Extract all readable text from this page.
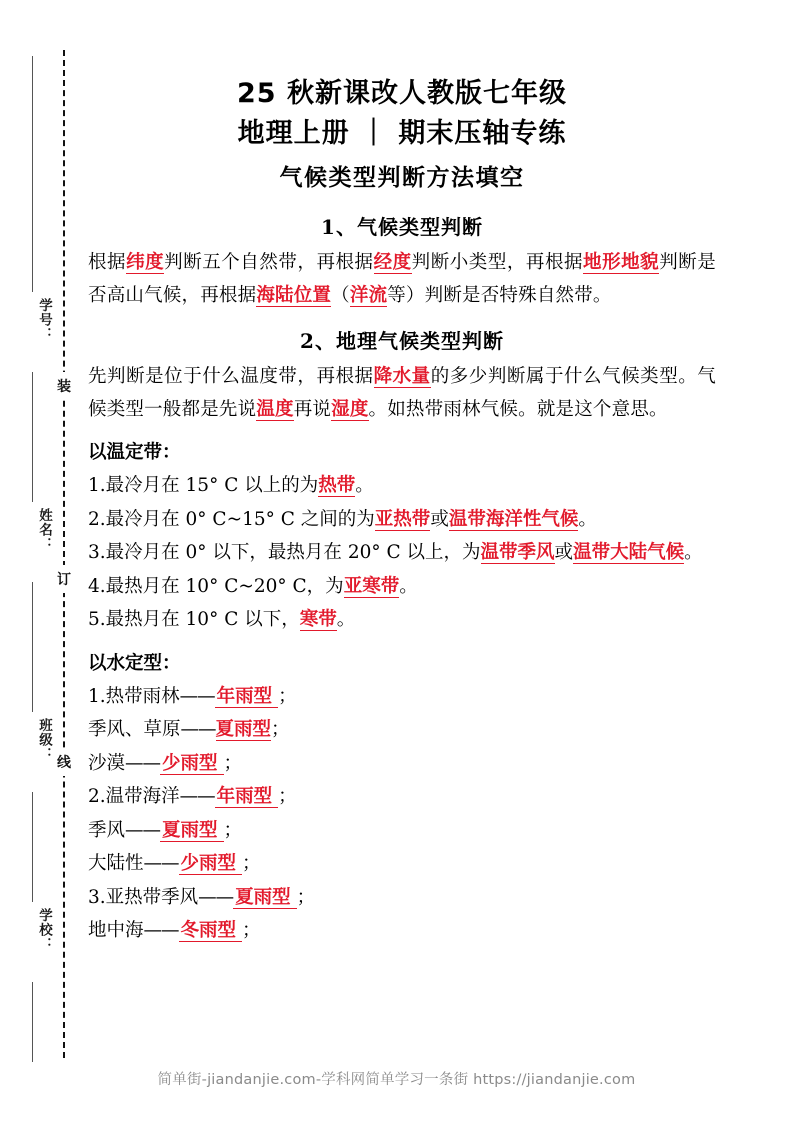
学号：
姓名：
班级：
学校：
装
订
线
25 秋新课改人教版七年级
地理上册 ｜ 期末压轴专练
气候类型判断方法填空
1、气候类型判断
根据纬度判断五个自然带，再根据经度判断小类型，再根据地形地貌判断是否高山气候，再根据海陆位置（洋流等）判断是否特殊自然带。
2、地理气候类型判断
先判断是位于什么温度带，再根据降水量的多少判断属于什么气候类型。气候类型一般都是先说温度再说湿度。如热带雨林气候。就是这个意思。
以温定带：
1.最冷月在 15° C 以上的为热带。
2.最冷月在 0° C~15° C 之间的为亚热带或温带海洋性气候。
3.最冷月在 0° 以下，最热月在 20° C 以上，为温带季风或温带大陆气候。
4.最热月在 10° C~20° C，为亚寒带。
5.最热月在 10° C 以下，寒带。
以水定型：
1.热带雨林—— 年雨型 ；
季风、草原——夏雨型；
沙漠—— 少雨型 ；
2.温带海洋—— 年雨型 ；
季风—— 夏雨型 ；
大陆性—— 少雨型 ；
3.亚热带季风—— 夏雨型 ；
地中海—— 冬雨型 ；
简单街-jiandanjie.com-学科网简单学习一条街 https://jiandanjie.com
